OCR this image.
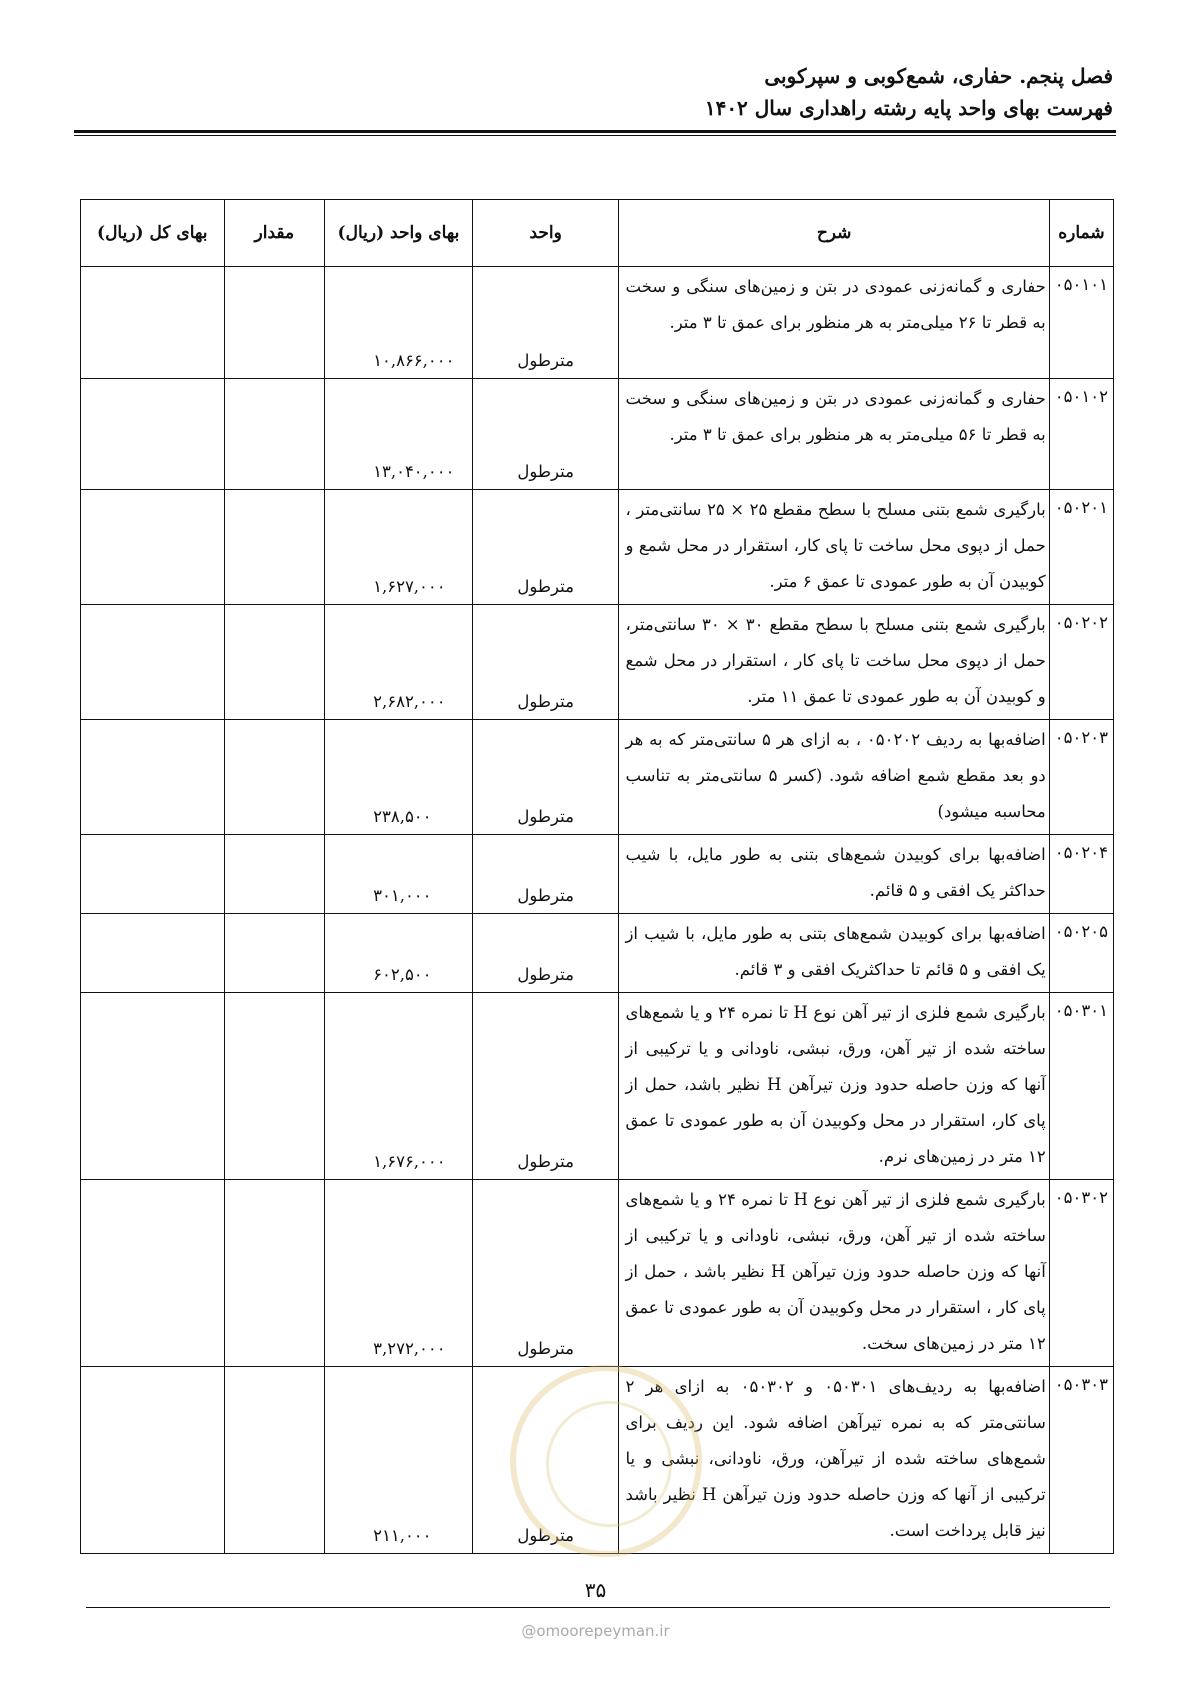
فصل پنجم. حفاری، شمع‌کوبی و سپرکوبی
فهرست بهای واحد پایه رشته راهداری سال ۱۴۰۲
شماره	شرح	واحد	بهای واحد (ریال)	مقدار	بهای کل (ریال)
۰۵۰۱۰۱	حفاری و گمانه‌زنی عمودی در بتن و زمین‌های سنگی و سخت به قطر تا ۲۶ میلی‌متر به هر منظور برای عمق تا ۳ متر.	مترطول	۱۰,۸۶۶,۰۰۰		
۰۵۰۱۰۲	حفاری و گمانه‌زنی عمودی در بتن و زمین‌های سنگی و سخت به قطر تا ۵۶ میلی‌متر به هر منظور برای عمق تا ۳ متر.	مترطول	۱۳,۰۴۰,۰۰۰		
۰۵۰۲۰۱	بارگیری شمع بتنی مسلح با سطح مقطع ۲۵ × ۲۵ سانتی‌متر ، حمل از دپوی محل ساخت تا پای کار، استقرار در محل شمع و کوبیدن آن به طور عمودی تا عمق ۶ متر.	مترطول	۱,۶۲۷,۰۰۰		
۰۵۰۲۰۲	بارگیری شمع بتنی مسلح با سطح مقطع ۳۰ × ۳۰ سانتی‌متر، حمل از دپوی محل ساخت تا پای کار ، استقرار در محل شمع و کوبیدن آن به طور عمودی تا عمق ۱۱ متر.	مترطول	۲,۶۸۲,۰۰۰		
۰۵۰۲۰۳	اضافه‌بها به ردیف ۰۵۰۲۰۲ ، به ازای هر ۵ سانتی‌متر که به هر دو بعد مقطع شمع اضافه شود. (کسر ۵ سانتی‌متر به تناسب محاسبه میشود)	مترطول	۲۳۸,۵۰۰		
۰۵۰۲۰۴	اضافه‌بها برای کوبیدن شمع‌های بتنی به طور مایل، با شیب حداکثر یک افقی و ۵ قائم.	مترطول	۳۰۱,۰۰۰		
۰۵۰۲۰۵	اضافه‌بها برای کوبیدن شمع‌های بتنی به طور مایل، با شیب از یک افقی و ۵ قائم تا حداکثریک افقی و ۳ قائم.	مترطول	۶۰۲,۵۰۰		
۰۵۰۳۰۱	بارگیری شمع فلزی از تیر آهن نوع H تا نمره ۲۴ و یا شمع‌های ساخته شده از تیر آهن، ورق، نبشی، ناودانی و یا ترکیبی از آنها که وزن حاصله حدود وزن تیرآهن H نظیر باشد، حمل از پای کار، استقرار در محل وکوبیدن آن به طور عمودی تا عمق ۱۲ متر در زمین‌های نرم.	مترطول	۱,۶۷۶,۰۰۰		
۰۵۰۳۰۲	بارگیری شمع فلزی از تیر آهن نوع H تا نمره ۲۴ و یا شمع‌های ساخته شده از تیر آهن، ورق، نبشی، ناودانی و یا ترکیبی از آنها که وزن حاصله حدود وزن تیرآهن H نظیر باشد ، حمل از پای کار ، استقرار در محل وکوبیدن آن به طور عمودی تا عمق ۱۲ متر در زمین‌های سخت.	مترطول	۳,۲۷۲,۰۰۰		
۰۵۰۳۰۳	اضافه‌بها به ردیف‌های ۰۵۰۳۰۱ و ۰۵۰۳۰۲ به ازای هر ۲ سانتی‌متر که به نمره تیرآهن اضافه شود. این ردیف برای شمع‌های ساخته شده از تیرآهن، ورق، ناودانی، نبشی و یا ترکیبی از آنها که وزن حاصله حدود وزن تیرآهن H نظیر باشد نیز قابل پرداخت است.	مترطول	۲۱۱,۰۰۰		
۳۵
@omoorepeyman.ir
